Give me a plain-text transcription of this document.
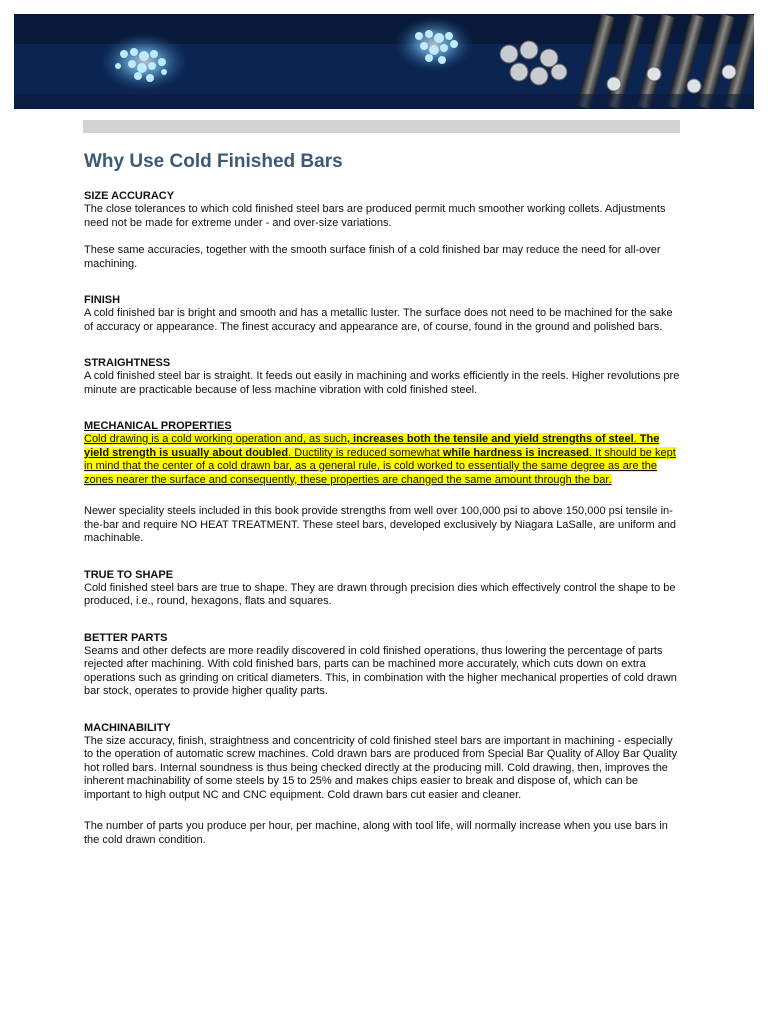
Why Use Cold Finished Bars
SIZE ACCURACY

The close tolerances to which cold finished steel bars are produced permit much smoother working collets. Adjustments need not be made for extreme under - and over-size variations.

These same accuracies, together with the smooth surface finish of a cold finished bar may reduce the need for all-over machining.

FINISH

A cold finished bar is bright and smooth and has a metallic luster. The surface does not need to be machined for the sake of accuracy or appearance. The finest accuracy and appearance are, of course, found in the ground and polished bars.

STRAIGHTNESS

A cold finished steel bar is straight. It feeds out easily in machining and works efficiently in the reels. Higher revolutions pre minute are practicable because of less machine vibration with cold finished steel.

MECHANICAL PROPERTIES

Cold drawing is a cold working operation and, as such, increases both the tensile and yield strengths of steel. The yield strength is usually about doubled. Ductility is reduced somewhat while hardness is increased. It should be kept in mind that the center of a cold drawn bar, as a general rule, is cold worked to essentially the same degree as are the zones nearer the surface and consequently, these properties are changed the same amount through the bar.

Newer speciality steels included in this book provide strengths from well over 100,000 psi to above 150,000 psi tensile in-the-bar and require NO HEAT TREATMENT. These steel bars, developed exclusively by Niagara LaSalle, are uniform and machinable.

TRUE TO SHAPE

Cold finished steel bars are true to shape. They are drawn through precision dies which effectively control the shape to be produced, i.e., round, hexagons, flats and squares.

BETTER PARTS

Seams and other defects are more readily discovered in cold finished operations, thus lowering the percentage of parts rejected after machining. With cold finished bars, parts can be machined more accurately, which cuts down on extra operations such as grinding on critical diameters. This, in combination with the higher mechanical properties of cold drawn bar stock, operates to provide higher quality parts.

MACHINABILITY

The size accuracy, finish, straightness and concentricity of cold finished steel bars are important in machining - especially to the operation of automatic screw machines. Cold drawn bars are produced from Special Bar Quality of Alloy Bar Quality hot rolled bars. Internal soundness is thus being checked directly at the producing mill. Cold drawing, then, improves the inherent machinability of some steels by 15 to 25% and makes chips easier to break and dispose of, which can be important to high output NC and CNC equipment. Cold drawn bars cut easier and cleaner.

The number of parts you produce per hour, per machine, along with tool life, will normally increase when you use bars in the cold drawn condition.
